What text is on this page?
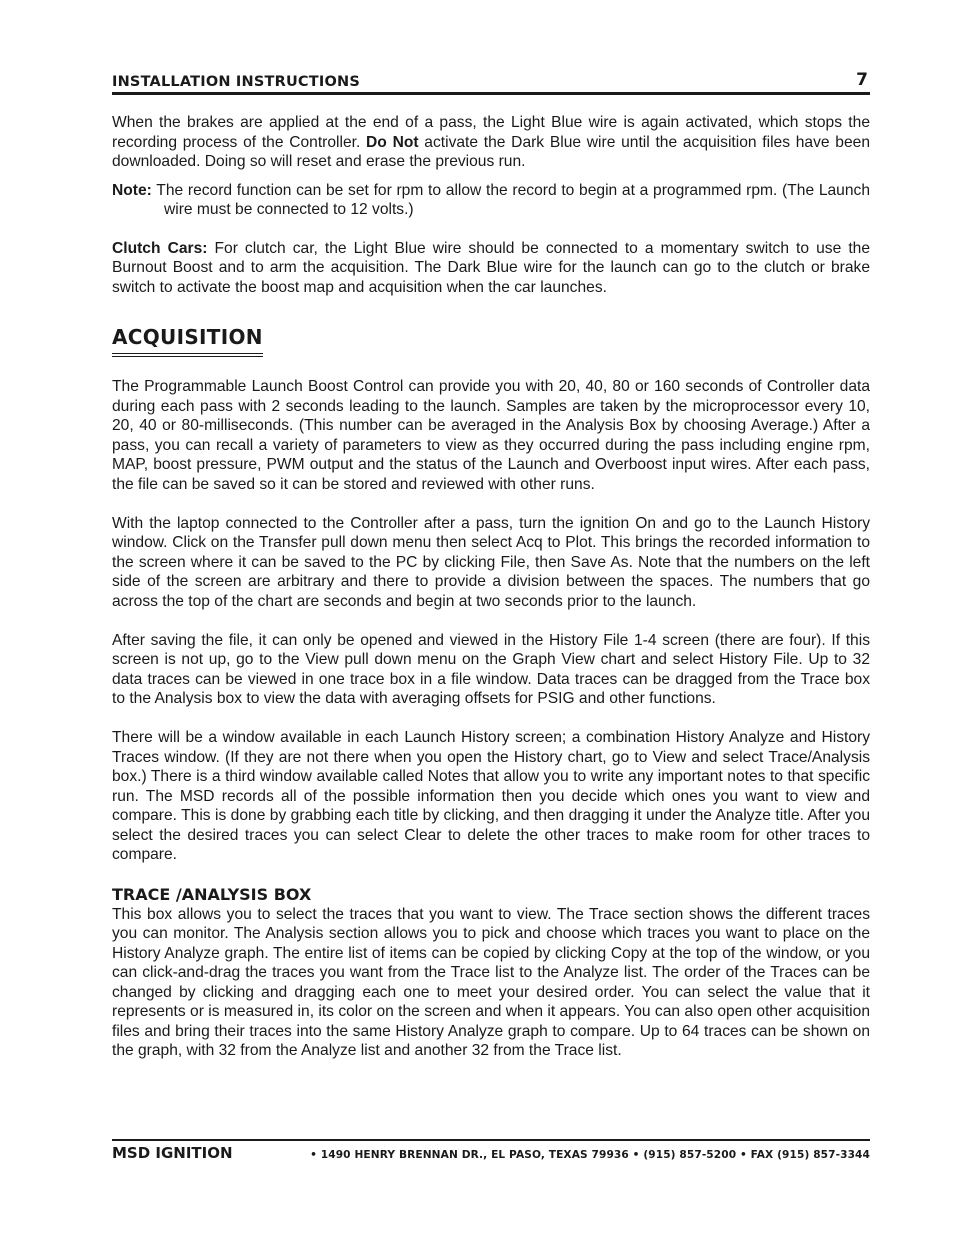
INSTALLATION INSTRUCTIONS	7

When the brakes are applied at the end of a pass, the Light Blue wire is again activated, which stops the recording process of the Controller. Do Not activate the Dark Blue wire until the acquisition files have been downloaded. Doing so will reset and erase the previous run.

Note: The record function can be set for rpm to allow the record to begin at a programmed rpm. (The Launch wire must be connected to 12 volts.)

Clutch Cars: For clutch car, the Light Blue wire should be connected to a momentary switch to use the Burnout Boost and to arm the acquisition. The Dark Blue wire for the launch can go to the clutch or brake switch to activate the boost map and acquisition when the car launches.

ACQUISITION

The Programmable Launch Boost Control can provide you with 20, 40, 80 or 160 seconds of Controller data during each pass with 2 seconds leading to the launch. Samples are taken by the microprocessor every 10, 20, 40 or 80-milliseconds. (This number can be averaged in the Analysis Box by choosing Average.) After a pass, you can recall a variety of parameters to view as they occurred during the pass including engine rpm, MAP, boost pressure, PWM output and the status of the Launch and Overboost input wires. After each pass, the file can be saved so it can be stored and reviewed with other runs.

With the laptop connected to the Controller after a pass, turn the ignition On and go to the Launch History window. Click on the Transfer pull down menu then select Acq to Plot. This brings the recorded information to the screen where it can be saved to the PC by clicking File, then Save As. Note that the numbers on the left side of the screen are arbitrary and there to provide a division between the spaces. The numbers that go across the top of the chart are seconds and begin at two seconds prior to the launch.

After saving the file, it can only be opened and viewed in the History File 1-4 screen (there are four). If this screen is not up, go to the View pull down menu on the Graph View chart and select History File. Up to 32 data traces can be viewed in one trace box in a file window. Data traces can be dragged from the Trace box to the Analysis box to view the data with averaging offsets for PSIG and other functions.

There will be a window available in each Launch History screen; a combination History Analyze and History Traces window. (If they are not there when you open the History chart, go to View and select Trace/Analysis box.) There is a third window available called Notes that allow you to write any important notes to that specific run. The MSD records all of the possible information then you decide which ones you want to view and compare. This is done by grabbing each title by clicking, and then dragging it under the Analyze title. After you select the desired traces you can select Clear to delete the other traces to make room for other traces to compare.

TRACE /ANALYSIS BOX

This box allows you to select the traces that you want to view. The Trace section shows the different traces you can monitor. The Analysis section allows you to pick and choose which traces you want to place on the History Analyze graph. The entire list of items can be copied by clicking Copy at the top of the window, or you can click-and-drag the traces you want from the Trace list to the Analyze list. The order of the Traces can be changed by clicking and dragging each one to meet your desired order. You can select the value that it represents or is measured in, its color on the screen and when it appears. You can also open other acquisition files and bring their traces into the same History Analyze graph to compare. Up to 64 traces can be shown on the graph, with 32 from the Analyze list and another 32 from the Trace list.

MSD IGNITION	• 1490 HENRY BRENNAN DR., EL PASO, TEXAS 79936 • (915) 857-5200 • FAX (915) 857-3344
